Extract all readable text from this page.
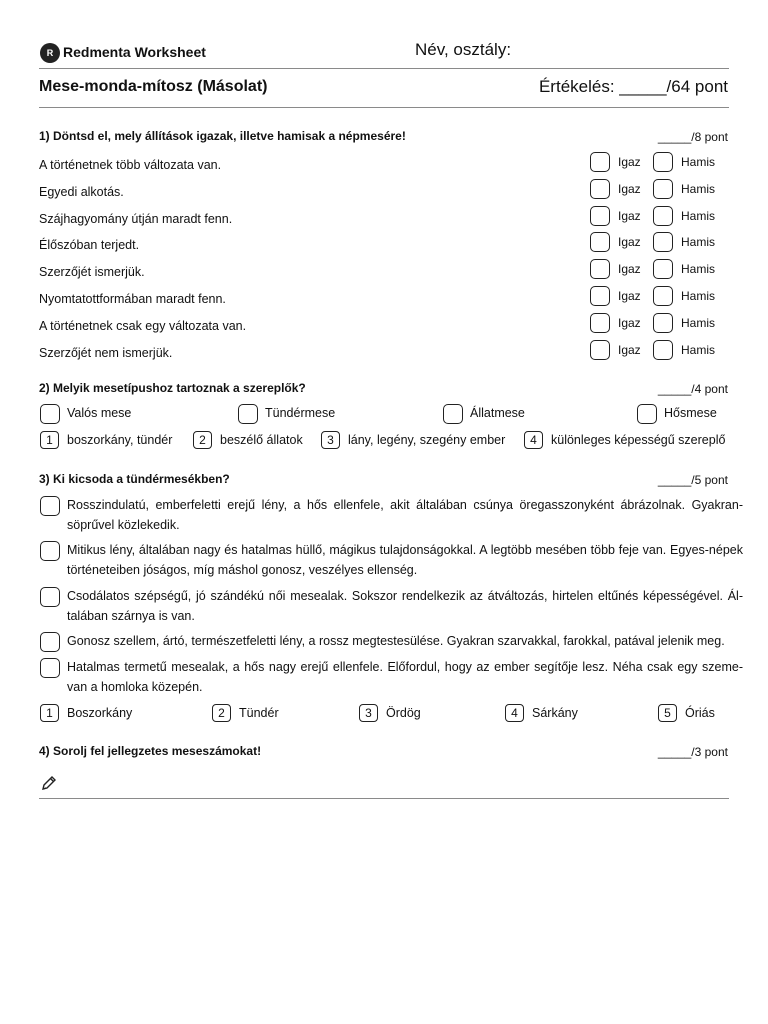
R Redmenta Worksheet	Név, osztály:
Mese-monda-mítosz (Másolat)	Értékelés: _____/64 pont
1) Döntsd el, mely állítások igazak, illetve hamisak a népmesére!	_____/8 pont
A történetnek több változata van.	Igaz	Hamis
Egyedi alkotás.	Igaz	Hamis
Szájhagyomány útján maradt fenn.	Igaz	Hamis
Élőszóban terjedt.	Igaz	Hamis
Szerzőjét ismerjük.	Igaz	Hamis
Nyomtatottformában maradt fenn.	Igaz	Hamis
A történetnek csak egy változata van.	Igaz	Hamis
Szerzőjét nem ismerjük.	Igaz	Hamis
2) Melyik mesetípushoz tartoznak a szereplők?	_____/4 pont
Valós mese	Tündérmese	Állatmese	Hősmese
1	boszorkány, tündér	2	beszélő állatok	3	lány, legény, szegény ember	4	különleges képességű szereplő
3) Ki kicsoda a tündérmesékben?	_____/5 pont
Rosszindulatú, emberfeletti erejű lény, a hős ellenfele, akit általában csúnya öregasszonyként ábrázolnak. Gyakran-söprűvel közlekedik.
Mitikus lény, általában nagy és hatalmas hüllő, mágikus tulajdonságokkal. A legtöbb mesében több feje van. Egyes-népek történeteiben jóságos, míg máshol gonosz, veszélyes ellenség.
Csodálatos szépségű, jó szándékú női mesealak. Sokszor rendelkezik az átváltozás, hirtelen eltűnés képességével. Ál-talában szárnya is van.
Gonosz szellem, ártó, természetfeletti lény, a rossz megtestesülése. Gyakran szarvakkal, farokkal, patával jelenik meg.
Hatalmas termetű mesealak, a hős nagy erejű ellenfele. Előfordul, hogy az ember segítője lesz. Néha csak egy szeme-van a homloka közepén.
1	Boszorkány	2	Tündér	3	Ördög	4	Sárkány	5	Óriás
4) Sorolj fel jellegzetes meseszámokat!	_____/3 pont
